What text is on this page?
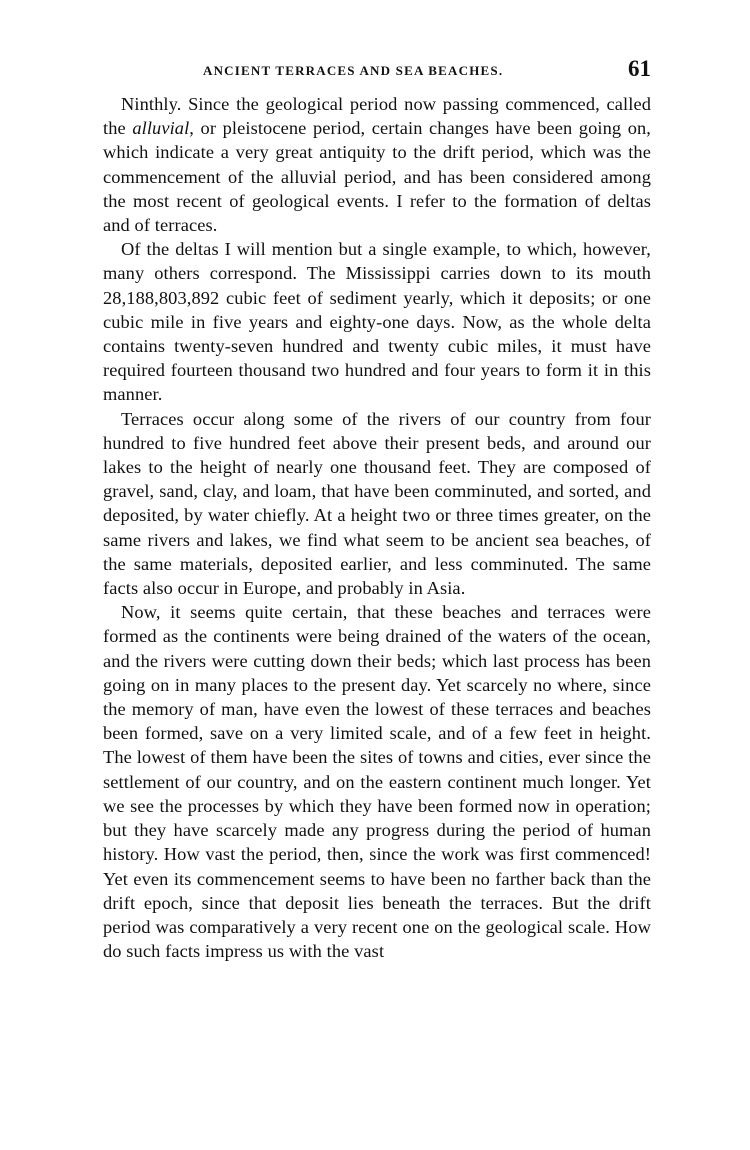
ANCIENT TERRACES AND SEA BEACHES.	61

Ninthly. Since the geological period now passing commenced, called the alluvial, or pleistocene period, certain changes have been going on, which indicate a very great antiquity to the drift period, which was the commencement of the alluvial period, and has been considered among the most recent of geological events. I refer to the formation of deltas and of terraces.

Of the deltas I will mention but a single example, to which, however, many others correspond. The Mississippi carries down to its mouth 28,188,803,892 cubic feet of sediment yearly, which it deposits; or one cubic mile in five years and eighty-one days. Now, as the whole delta contains twenty-seven hundred and twenty cubic miles, it must have required fourteen thousand two hundred and four years to form it in this manner.

Terraces occur along some of the rivers of our country from four hundred to five hundred feet above their present beds, and around our lakes to the height of nearly one thousand feet. They are composed of gravel, sand, clay, and loam, that have been comminuted, and sorted, and deposited, by water chiefly. At a height two or three times greater, on the same rivers and lakes, we find what seem to be ancient sea beaches, of the same materials, deposited earlier, and less comminuted. The same facts also occur in Europe, and probably in Asia.

Now, it seems quite certain, that these beaches and terraces were formed as the continents were being drained of the waters of the ocean, and the rivers were cutting down their beds; which last process has been going on in many places to the present day. Yet scarcely no where, since the memory of man, have even the lowest of these terraces and beaches been formed, save on a very limited scale, and of a few feet in height. The lowest of them have been the sites of towns and cities, ever since the settlement of our country, and on the eastern continent much longer. Yet we see the processes by which they have been formed now in operation; but they have scarcely made any progress during the period of human history. How vast the period, then, since the work was first commenced! Yet even its commencement seems to have been no farther back than the drift epoch, since that deposit lies beneath the terraces. But the drift period was comparatively a very recent one on the geological scale. How do such facts impress us with the vast
